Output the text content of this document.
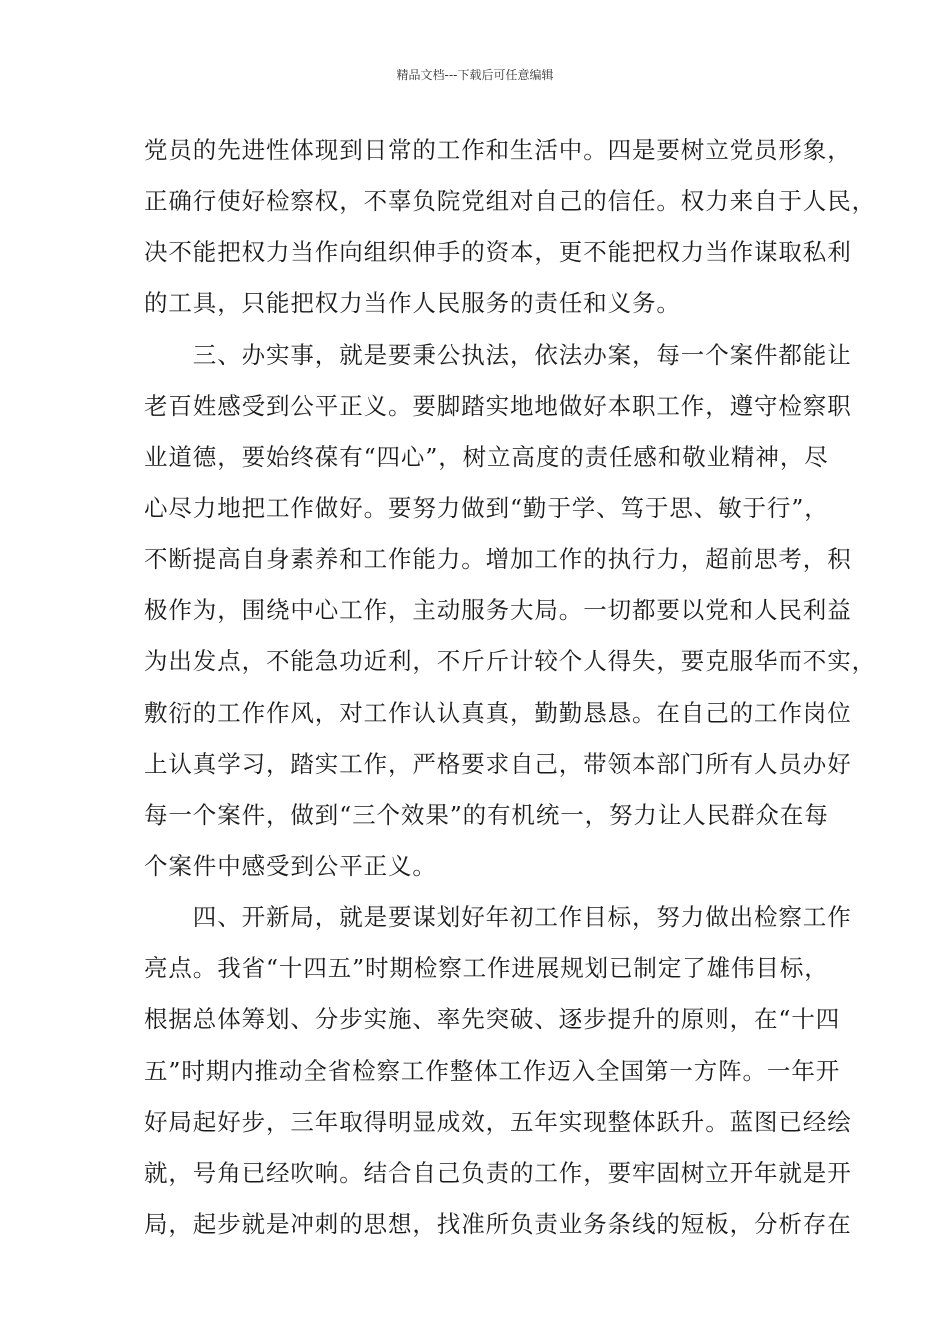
精品文档---下载后可任意编辑
党员的先进性体现到日常的工作和生活中。四是要树立党员形象，
正确行使好检察权，不辜负院党组对自己的信任。权力来自于人民，
决不能把权力当作向组织伸手的资本，更不能把权力当作谋取私利
的工具，只能把权力当作人民服务的责任和义务。
　　三、办实事，就是要秉公执法，依法办案，每一个案件都能让
老百姓感受到公平正义。要脚踏实地地做好本职工作，遵守检察职
业道德，要始终葆有“四心”，树立高度的责任感和敬业精神，尽
心尽力地把工作做好。要努力做到“勤于学、笃于思、敏于行”，
不断提高自身素养和工作能力。增加工作的执行力，超前思考，积
极作为，围绕中心工作，主动服务大局。一切都要以党和人民利益
为出发点，不能急功近利，不斤斤计较个人得失，要克服华而不实，
敷衍的工作作风，对工作认认真真，勤勤恳恳。在自己的工作岗位
上认真学习，踏实工作，严格要求自己，带领本部门所有人员办好
每一个案件，做到“三个效果”的有机统一，努力让人民群众在每
个案件中感受到公平正义。
　　四、开新局，就是要谋划好年初工作目标，努力做出检察工作
亮点。我省“十四五”时期检察工作进展规划已制定了雄伟目标，
根据总体筹划、分步实施、率先突破、逐步提升的原则，在“十四
五”时期内推动全省检察工作整体工作迈入全国第一方阵。一年开
好局起好步，三年取得明显成效，五年实现整体跃升。蓝图已经绘
就，号角已经吹响。结合自己负责的工作，要牢固树立开年就是开
局，起步就是冲刺的思想，找准所负责业务条线的短板，分析存在
